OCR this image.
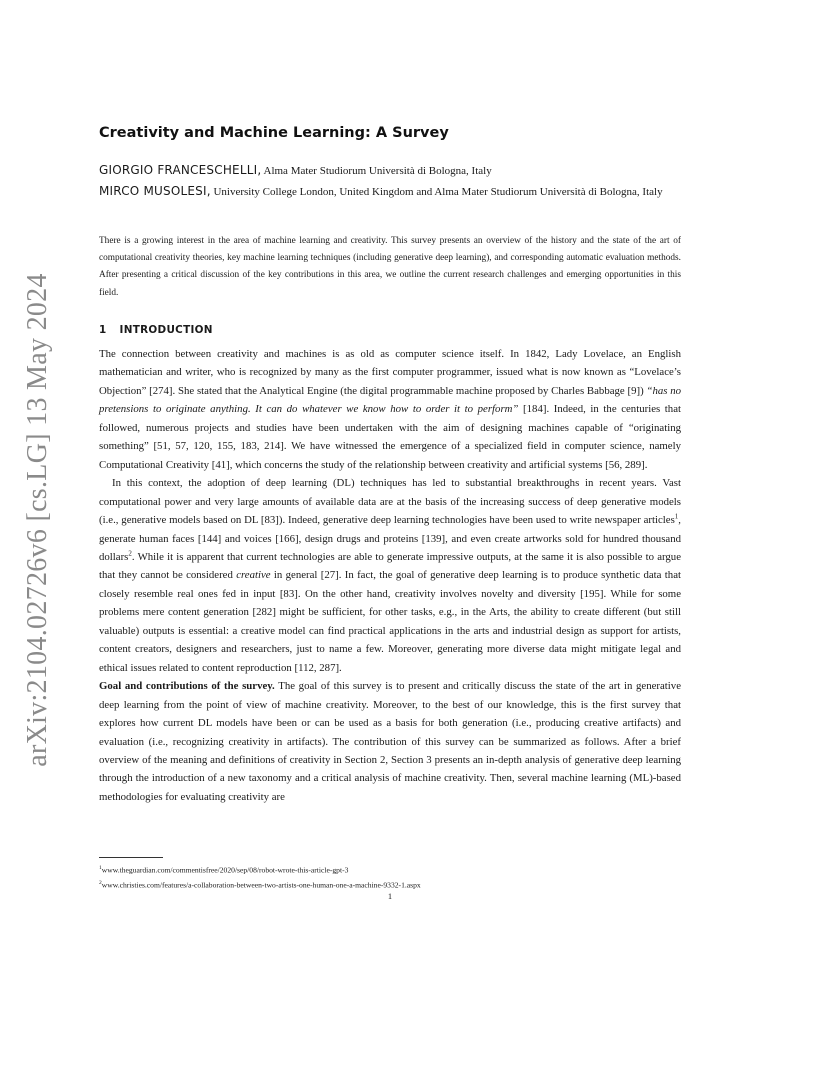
arXiv:2104.02726v6 [cs.LG] 13 May 2024
Creativity and Machine Learning: A Survey
GIORGIO FRANCESCHELLI, Alma Mater Studiorum Università di Bologna, Italy
MIRCO MUSOLESI, University College London, United Kingdom and Alma Mater Studiorum Università di Bologna, Italy

There is a growing interest in the area of machine learning and creativity. This survey presents an overview of the history and the state of the art of computational creativity theories, key machine learning techniques (including generative deep learning), and corresponding automatic evaluation methods. After presenting a critical discussion of the key contributions in this area, we outline the current research challenges and emerging opportunities in this field.

1 INTRODUCTION

The connection between creativity and machines is as old as computer science itself. In 1842, Lady Lovelace, an English mathematician and writer, who is recognized by many as the first computer programmer, issued what is now known as “Lovelace’s Objection” [274]. She stated that the Analytical Engine (the digital programmable machine proposed by Charles Babbage [9]) “has no pretensions to originate anything. It can do whatever we know how to order it to perform” [184]. Indeed, in the centuries that followed, numerous projects and studies have been undertaken with the aim of designing machines capable of “originating something” [51, 57, 120, 155, 183, 214]. We have witnessed the emergence of a specialized field in computer science, namely Computational Creativity [41], which concerns the study of the relationship between creativity and artificial systems [56, 289].

In this context, the adoption of deep learning (DL) techniques has led to substantial breakthroughs in recent years. Vast computational power and very large amounts of available data are at the basis of the increasing success of deep generative models (i.e., generative models based on DL [83]). Indeed, generative deep learning technologies have been used to write newspaper articles$^1$, generate human faces [144] and voices [166], design drugs and proteins [139], and even create artworks sold for hundred thousand dollars$^2$. While it is apparent that current technologies are able to generate impressive outputs, at the same it is also possible to argue that they cannot be considered creative in general [27]. In fact, the goal of generative deep learning is to produce synthetic data that closely resemble real ones fed in input [83]. On the other hand, creativity involves novelty and diversity [195]. While for some problems mere content generation [282] might be sufficient, for other tasks, e.g., in the Arts, the ability to create different (but still valuable) outputs is essential: a creative model can find practical applications in the arts and industrial design as support for artists, content creators, designers and researchers, just to name a few. Moreover, generating more diverse data might mitigate legal and ethical issues related to content reproduction [112, 287].

Goal and contributions of the survey. The goal of this survey is to present and critically discuss the state of the art in generative deep learning from the point of view of machine creativity. Moreover, to the best of our knowledge, this is the first survey that explores how current DL models have been or can be used as a basis for both generation (i.e., producing creative artifacts) and evaluation (i.e., recognizing creativity in artifacts). The contribution of this survey can be summarized as follows. After a brief overview of the meaning and definitions of creativity in Section 2, Section 3 presents an in-depth analysis of generative deep learning through the introduction of a new taxonomy and a critical analysis of machine creativity. Then, several machine learning (ML)-based methodologies for evaluating creativity are

$^1$www.theguardian.com/commentisfree/2020/sep/08/robot-wrote-this-article-gpt-3
$^2$www.christies.com/features/a-collaboration-between-two-artists-one-human-one-a-machine-9332-1.aspx
1
